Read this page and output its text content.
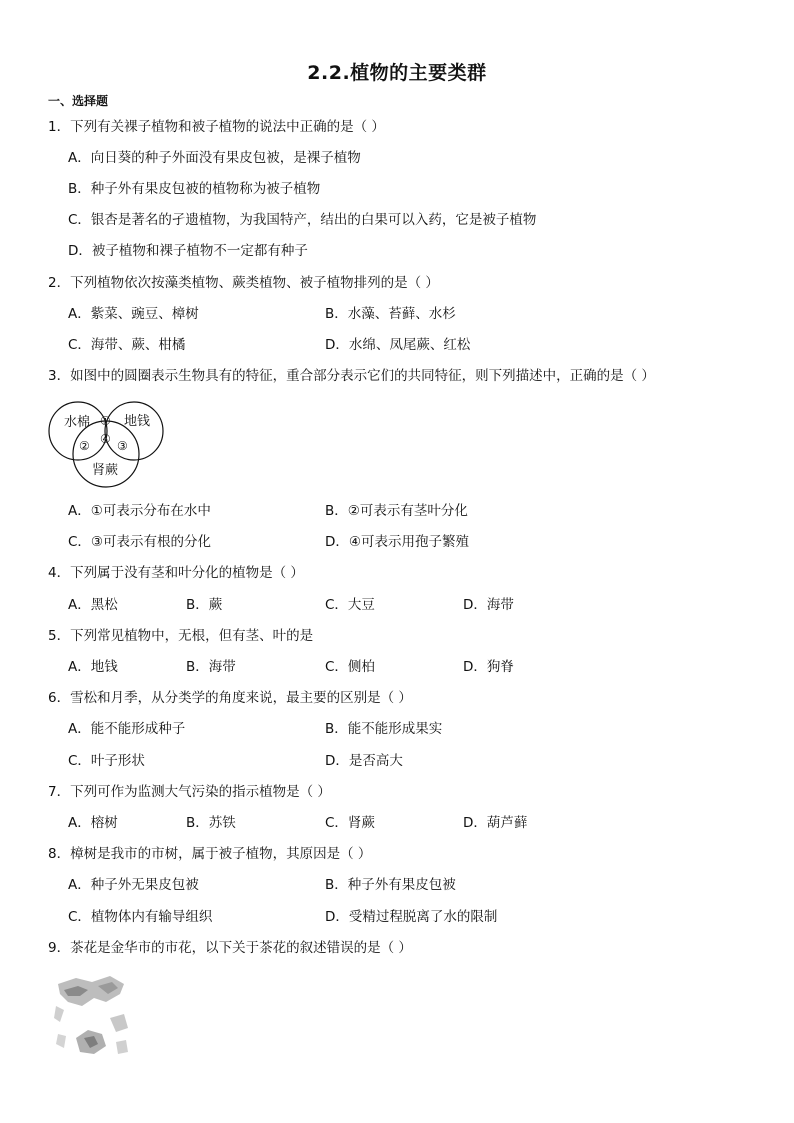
2.2.植物的主要类群
一、选择题
1．下列有关裸子植物和被子植物的说法中正确的是（ ）
A．向日葵的种子外面没有果皮包被，是裸子植物
B．种子外有果皮包被的植物称为被子植物
C．银杏是著名的孑遗植物，为我国特产，结出的白果可以入药，它是被子植物
D．被子植物和裸子植物不一定都有种子
2．下列植物依次按藻类植物、蕨类植物、被子植物排列的是（ ）
A．紫菜、豌豆、樟树	B．水藻、苔藓、水杉
C．海带、蕨、柑橘	D．水绵、凤尾蕨、红松
3．如图中的圆圈表示生物具有的特征，重合部分表示它们的共同特征，则下列描述中，正确的是（ ）
水棉	地钱
肾蕨
①
② ④ ③
A．①可表示分布在水中	B．②可表示有茎叶分化
C．③可表示有根的分化	D．④可表示用孢子繁殖
4．下列属于没有茎和叶分化的植物是（ ）
A．黑松	B．蕨	C．大豆	D．海带
5．下列常见植物中，无根，但有茎、叶的是
A．地钱	B．海带	C．侧柏	D．狗脊
6．雪松和月季，从分类学的角度来说，最主要的区别是（ ）
A．能不能形成种子	B．能不能形成果实
C．叶子形状	D．是否高大
7．下列可作为监测大气污染的指示植物是（ ）
A．榕树	B．苏铁	C．肾蕨	D．葫芦藓
8．樟树是我市的市树，属于被子植物，其原因是（ ）
A．种子外无果皮包被	B．种子外有果皮包被
C．植物体内有输导组织	D．受精过程脱离了水的限制
9．茶花是金华市的市花，以下关于茶花的叙述错误的是（ ）
